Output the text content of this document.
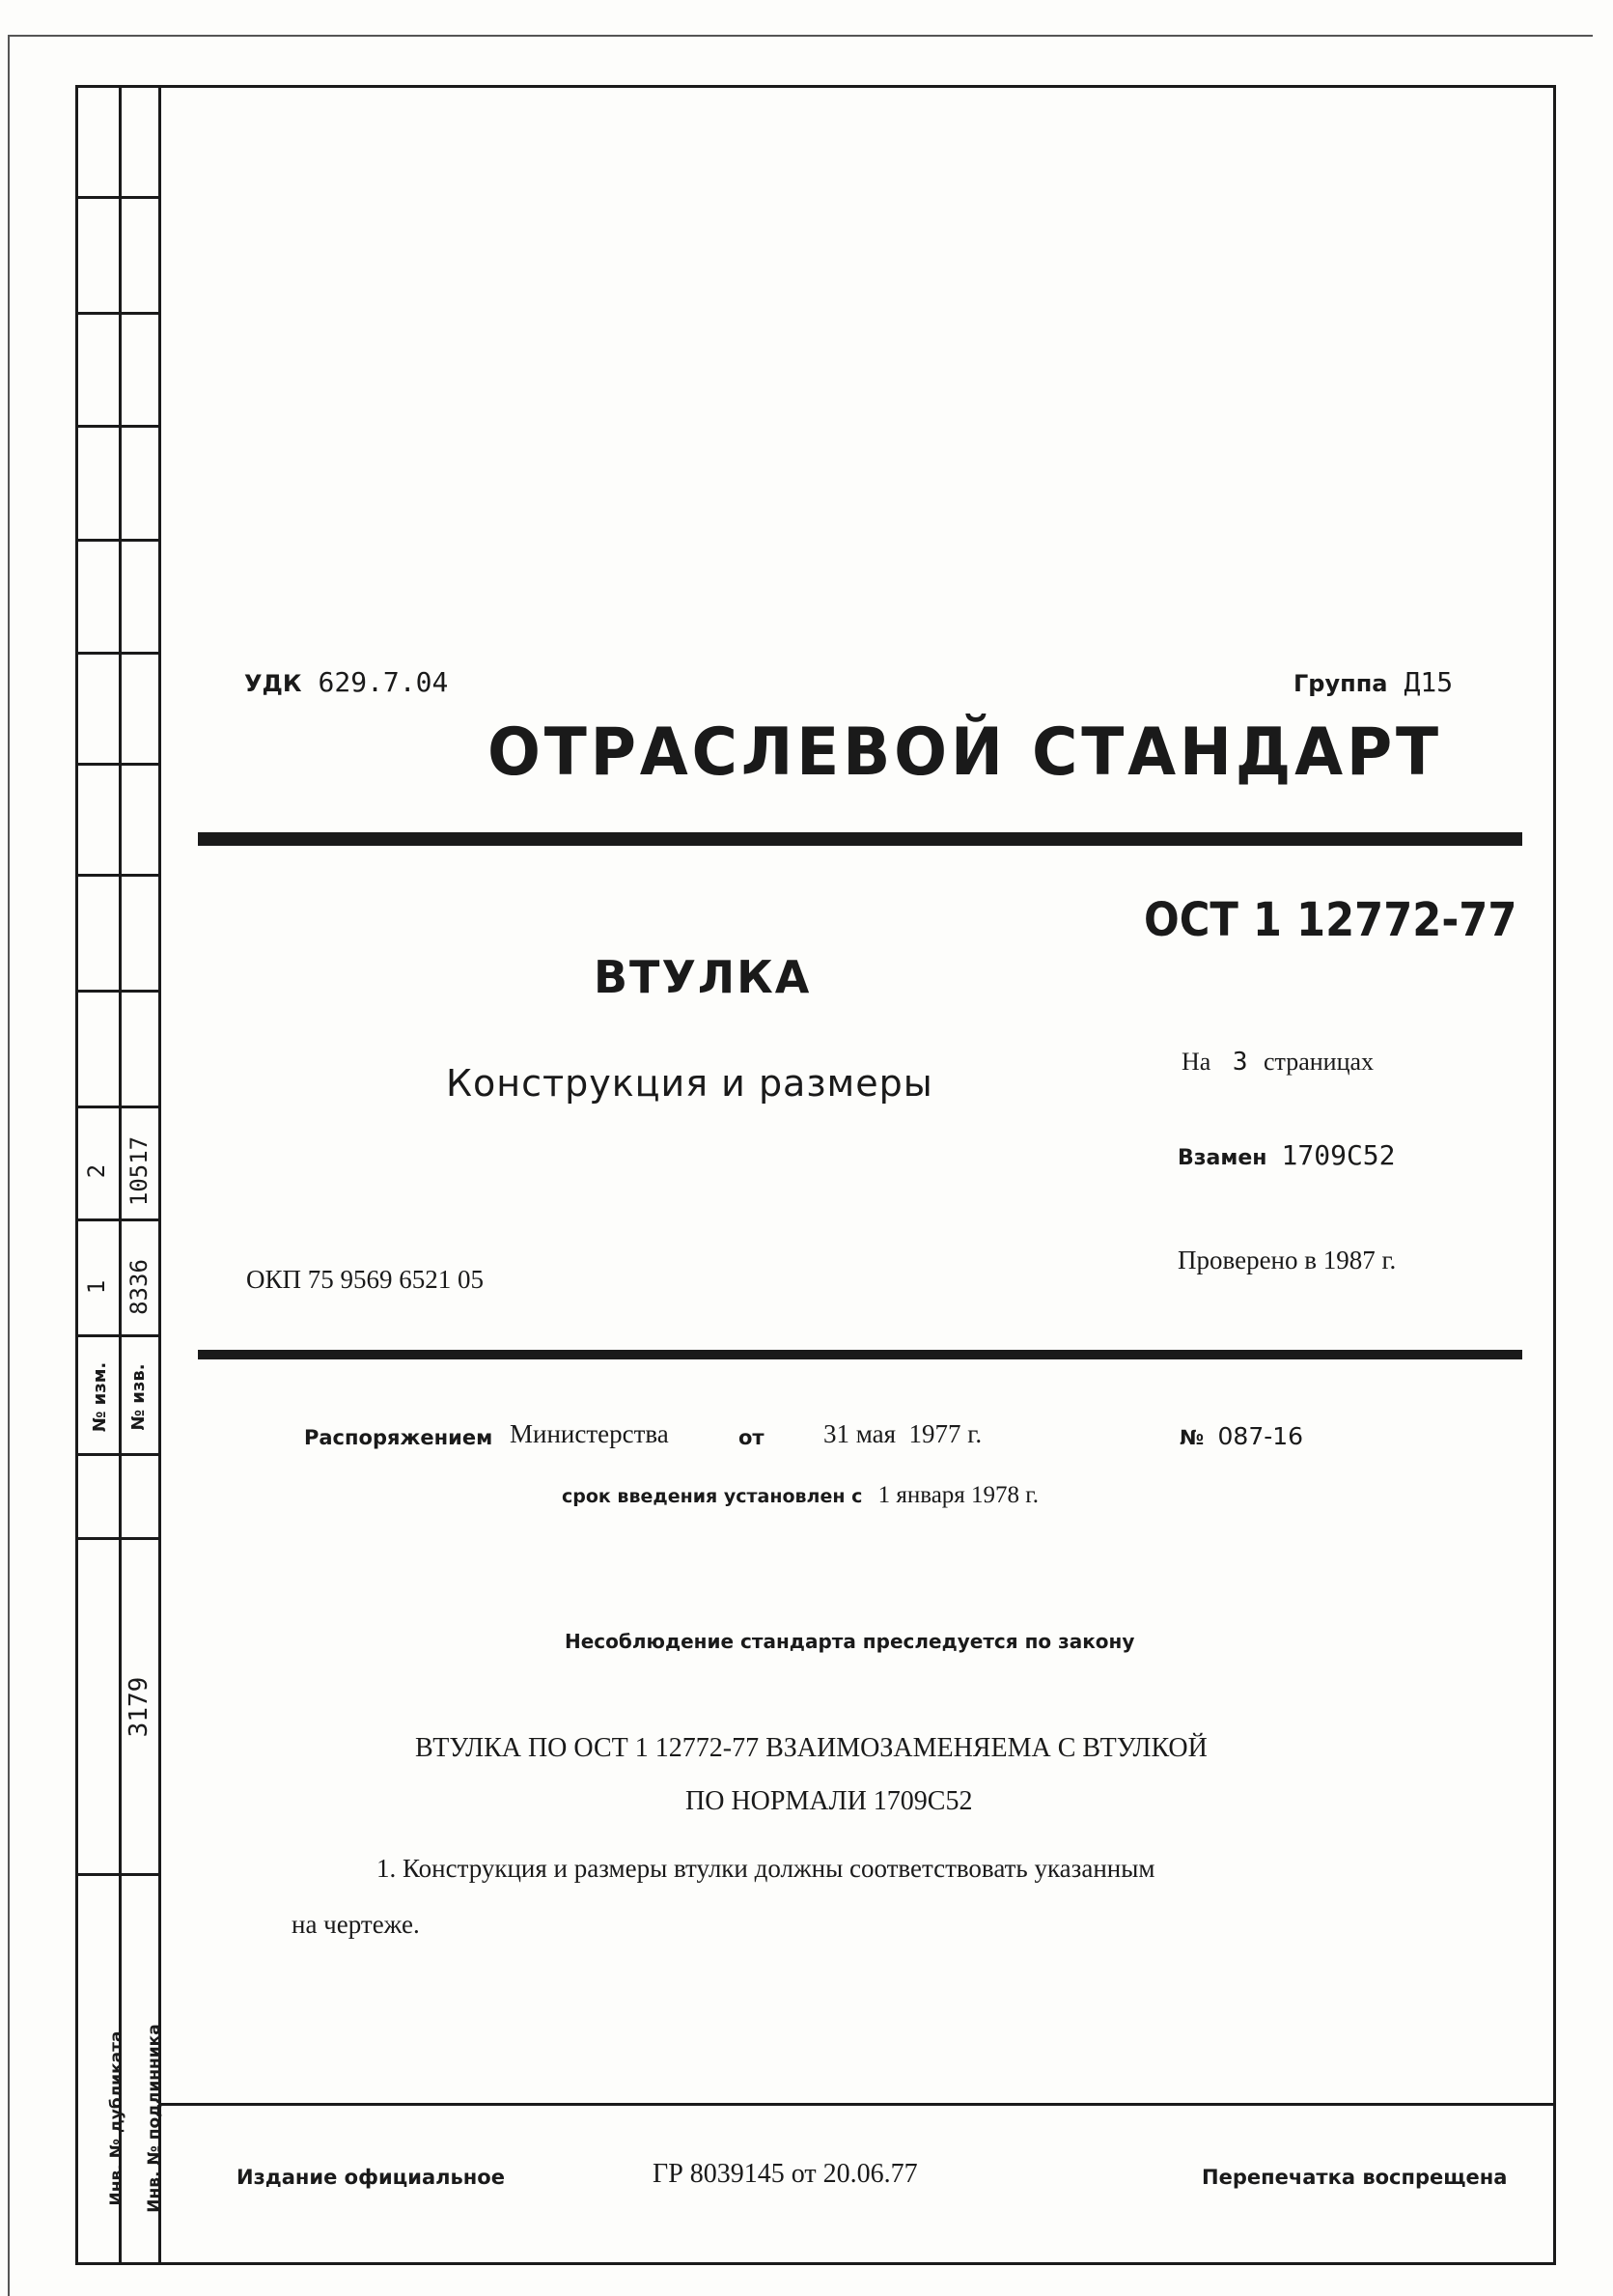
2 10517
1 8336
№ изм.	№ изв.
3179
Инв. № дубликата	Инв. № подлинника
УДК 629.7.04	Группа Д15
ОТРАСЛЕВОЙ СТАНДАРТ
ОСТ 1 12772-77
ВТУЛКА
Конструкция и размеры
На 3 страницах
Взамен 1709С52
Проверено в 1987 г.
ОКП 75 9569 6521 05
Распоряжением Министерства	от 31 мая  1977 г.	№ 087-16
срок введения установлен с 1 января 1978 г.
Несоблюдение стандарта преследуется по закону
ВТУЛКА ПО ОСТ 1 12772-77 ВЗАИМОЗАМЕНЯЕМА С ВТУЛКОЙ
ПО НОРМАЛИ 1709С52
1. Конструкция и размеры втулки должны соответствовать указанным
на чертеже.
Издание официальное	ГР 8039145 от 20.06.77	Перепечатка воспрещена
